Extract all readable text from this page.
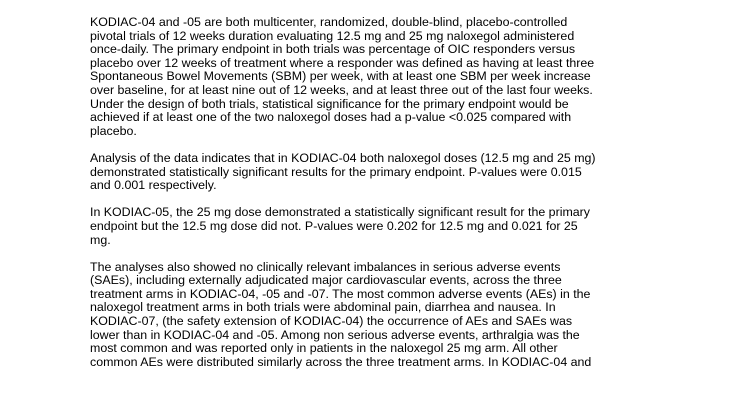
KODIAC-04 and -05 are both multicenter, randomized, double-blind, placebo-controlled
pivotal trials of 12 weeks duration evaluating 12.5 mg and 25 mg naloxegol administered
once-daily. The primary endpoint in both trials was percentage of OIC responders versus
placebo over 12 weeks of treatment where a responder was defined as having at least three
Spontaneous Bowel Movements (SBM) per week, with at least one SBM per week increase
over baseline, for at least nine out of 12 weeks, and at least three out of the last four weeks.
Under the design of both trials, statistical significance for the primary endpoint would be
achieved if at least one of the two naloxegol doses had a p-value <0.025 compared with
placebo.

Analysis of the data indicates that in KODIAC-04 both naloxegol doses (12.5 mg and 25 mg)
demonstrated statistically significant results for the primary endpoint. P-values were 0.015
and 0.001 respectively.

In KODIAC-05, the 25 mg dose demonstrated a statistically significant result for the primary
endpoint but the 12.5 mg dose did not. P-values were 0.202 for 12.5 mg and 0.021 for 25
mg.

The analyses also showed no clinically relevant imbalances in serious adverse events
(SAEs), including externally adjudicated major cardiovascular events, across the three
treatment arms in KODIAC-04, -05 and -07. The most common adverse events (AEs) in the
naloxegol treatment arms in both trials were abdominal pain, diarrhea and nausea. In
KODIAC-07, (the safety extension of KODIAC-04) the occurrence of AEs and SAEs was
lower than in KODIAC-04 and -05. Among non serious adverse events, arthralgia was the
most common and was reported only in patients in the naloxegol 25 mg arm. All other
common AEs were distributed similarly across the three treatment arms. In KODIAC-04 and
